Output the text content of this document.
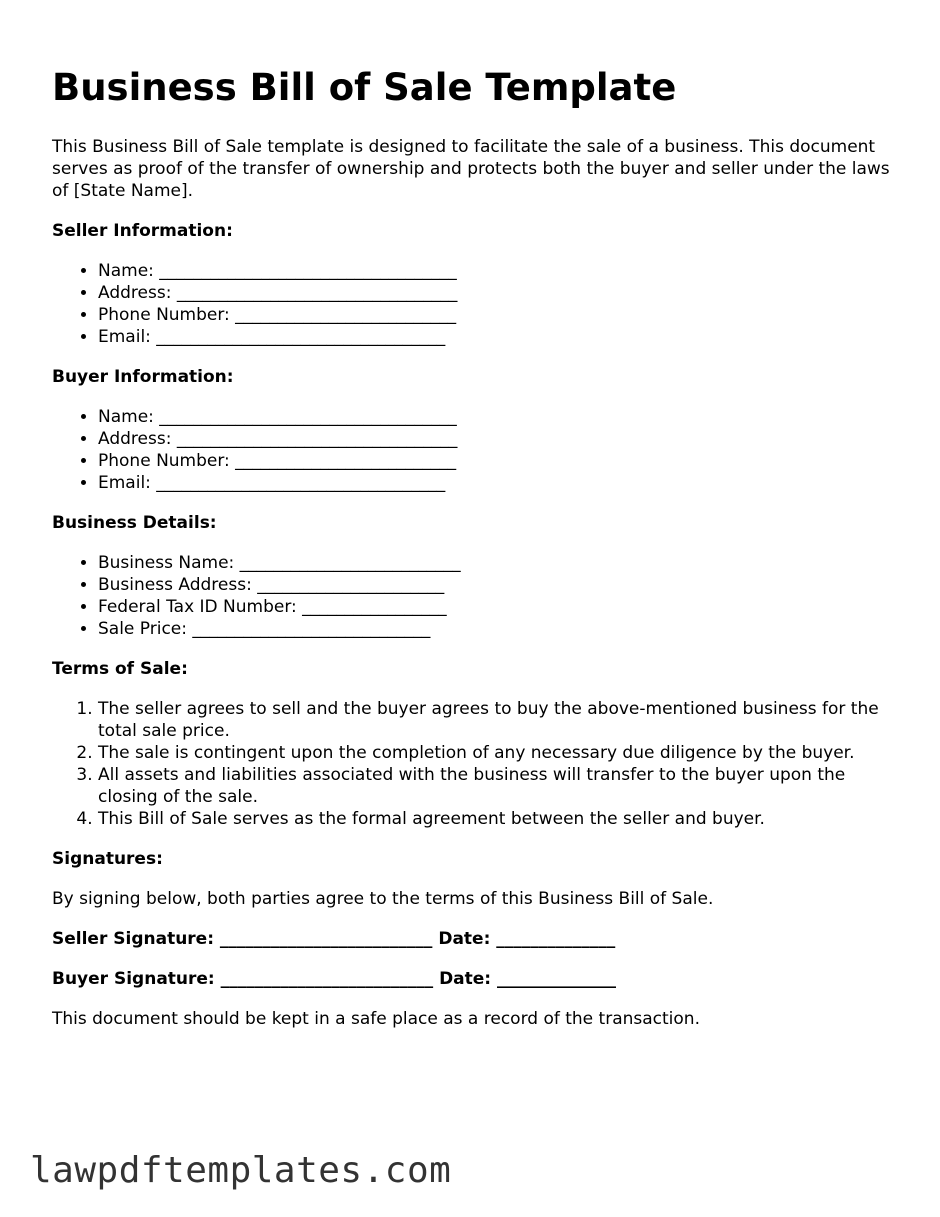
Business Bill of Sale Template

This Business Bill of Sale template is designed to facilitate the sale of a business. This document serves as proof of the transfer of ownership and protects both the buyer and seller under the laws of [State Name].

Seller Information:
• Name: ___________________________________
• Address: _________________________________
• Phone Number: __________________________
• Email: __________________________________
Buyer Information:
• Name: ___________________________________
• Address: _________________________________
• Phone Number: __________________________
• Email: __________________________________
Business Details:
• Business Name: __________________________
• Business Address: ______________________
• Federal Tax ID Number: _________________
• Sale Price: ____________________________
Terms of Sale:
1. The seller agrees to sell and the buyer agrees to buy the above-mentioned business for the total sale price.
2. The sale is contingent upon the completion of any necessary due diligence by the buyer.
3. All assets and liabilities associated with the business will transfer to the buyer upon the closing of the sale.
4. This Bill of Sale serves as the formal agreement between the seller and buyer.
Signatures:

By signing below, both parties agree to the terms of this Business Bill of Sale.

Seller Signature: _________________________ Date: ______________
Buyer Signature: _________________________ Date: ______________

This document should be kept in a safe place as a record of the transaction.

lawpdftemplates.com
